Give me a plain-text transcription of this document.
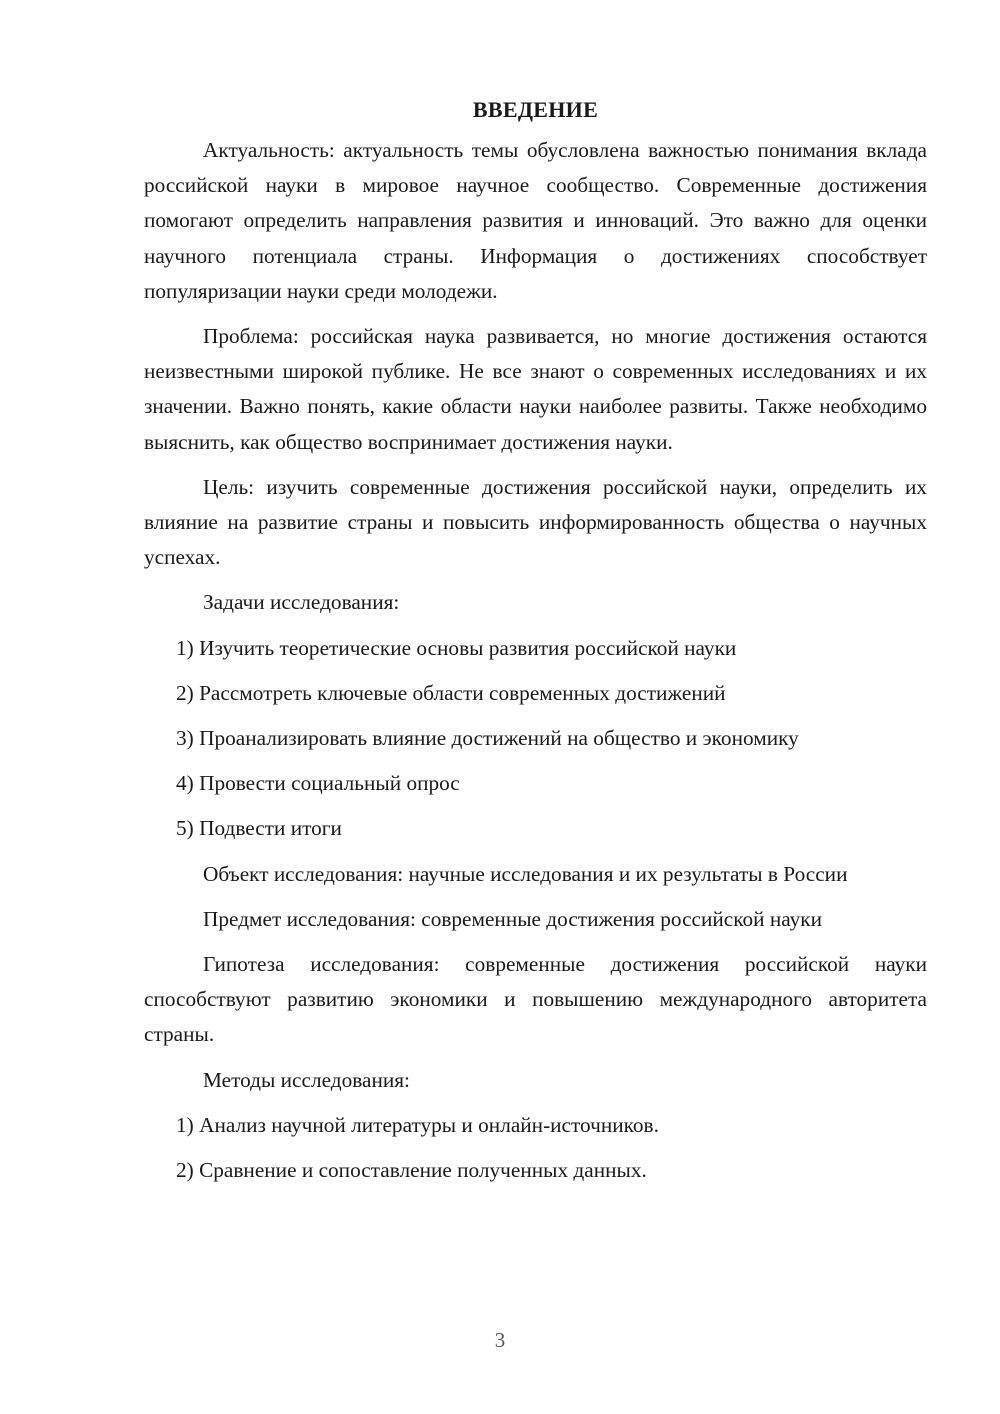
ВВЕДЕНИЕ

Актуальность: актуальность темы обусловлена важностью понимания вклада российской науки в мировое научное сообщество. Современные достижения помогают определить направления развития и инноваций. Это важно для оценки научного потенциала страны. Информация о достижениях способствует популяризации науки среди молодежи.

Проблема: российская наука развивается, но многие достижения остаются неизвестными широкой публике. Не все знают о современных исследованиях и их значении. Важно понять, какие области науки наиболее развиты. Также необходимо выяснить, как общество воспринимает достижения науки.

Цель: изучить современные достижения российской науки, определить их влияние на развитие страны и повысить информированность общества о научных успехах.

Задачи исследования:

1) Изучить теоретические основы развития российской науки
2) Рассмотреть ключевые области современных достижений
3) Проанализировать влияние достижений на общество и экономику
4) Провести социальный опрос
5) Подвести итоги

Объект исследования: научные исследования и их результаты в России

Предмет исследования: современные достижения российской науки

Гипотеза исследования: современные достижения российской науки способствуют развитию экономики и повышению международного авторитета страны.

Методы исследования:

1) Анализ научной литературы и онлайн-источников.
2) Сравнение и сопоставление полученных данных.
3
